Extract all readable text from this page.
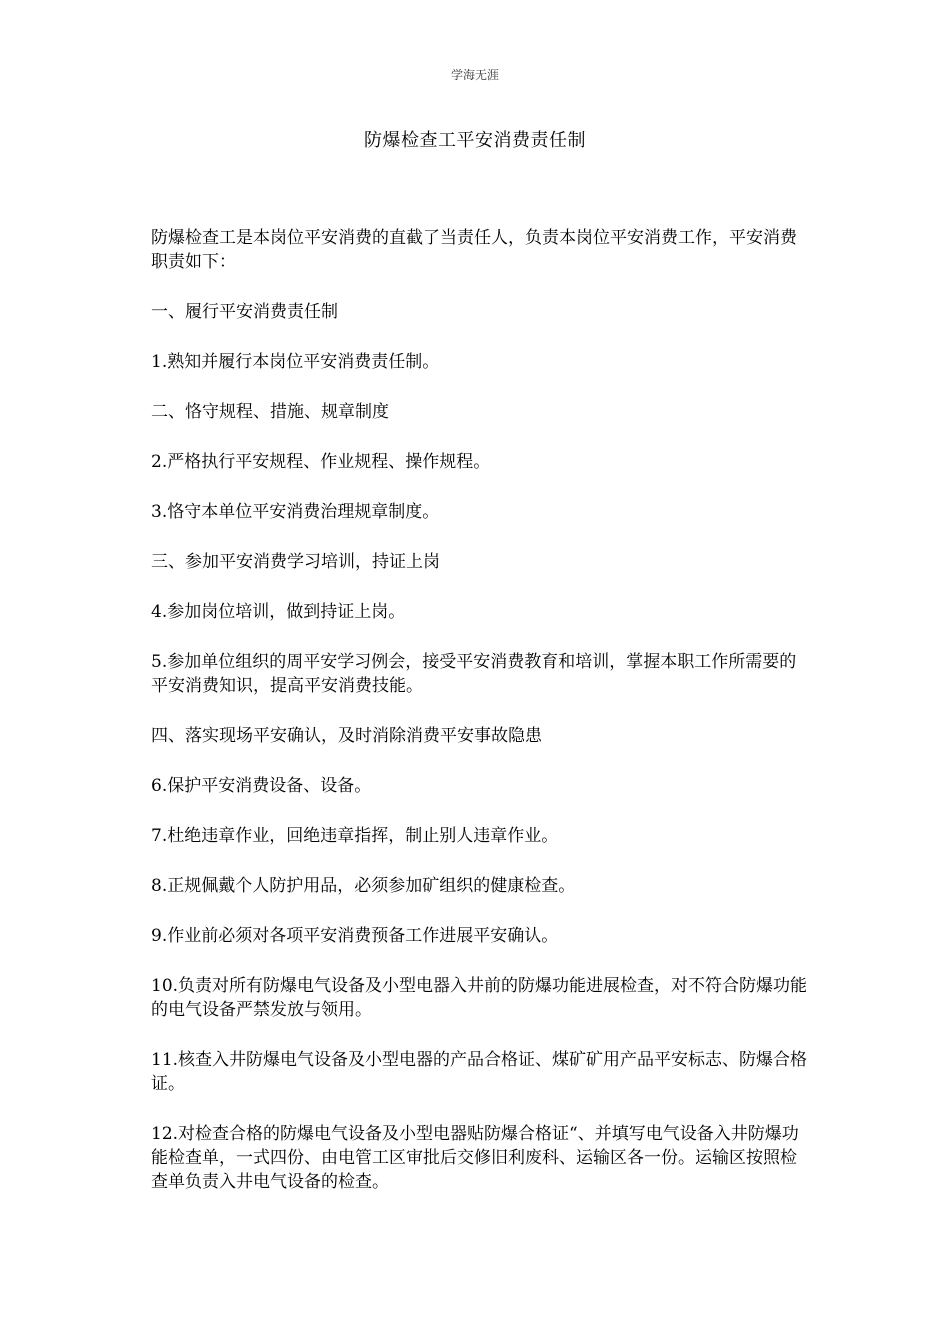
学海无涯
防爆检查工平安消费责任制

防爆检查工是本岗位平安消费的直截了当责任人，负责本岗位平安消费工作，平安消费职责如下：

一、履行平安消费责任制

1.熟知并履行本岗位平安消费责任制。

二、恪守规程、措施、规章制度

2.严格执行平安规程、作业规程、操作规程。

3.恪守本单位平安消费治理规章制度。

三、参加平安消费学习培训，持证上岗

4.参加岗位培训，做到持证上岗。

5.参加单位组织的周平安学习例会，接受平安消费教育和培训，掌握本职工作所需要的平安消费知识，提高平安消费技能。

四、落实现场平安确认，及时消除消费平安事故隐患

6.保护平安消费设备、设备。

7.杜绝违章作业，回绝违章指挥，制止别人违章作业。

8.正规佩戴个人防护用品，必须参加矿组织的健康检查。

9.作业前必须对各项平安消费预备工作进展平安确认。

10.负责对所有防爆电气设备及小型电器入井前的防爆功能进展检查，对不符合防爆功能的电气设备严禁发放与领用。

11.核查入井防爆电气设备及小型电器的产品合格证、煤矿矿用产品平安标志、防爆合格证。

12.对检查合格的防爆电气设备及小型电器贴防爆合格证“、并填写电气设备入井防爆功能检查单，一式四份、由电管工区审批后交修旧利废科、运输区各一份。运输区按照检查单负责入井电气设备的检查。
